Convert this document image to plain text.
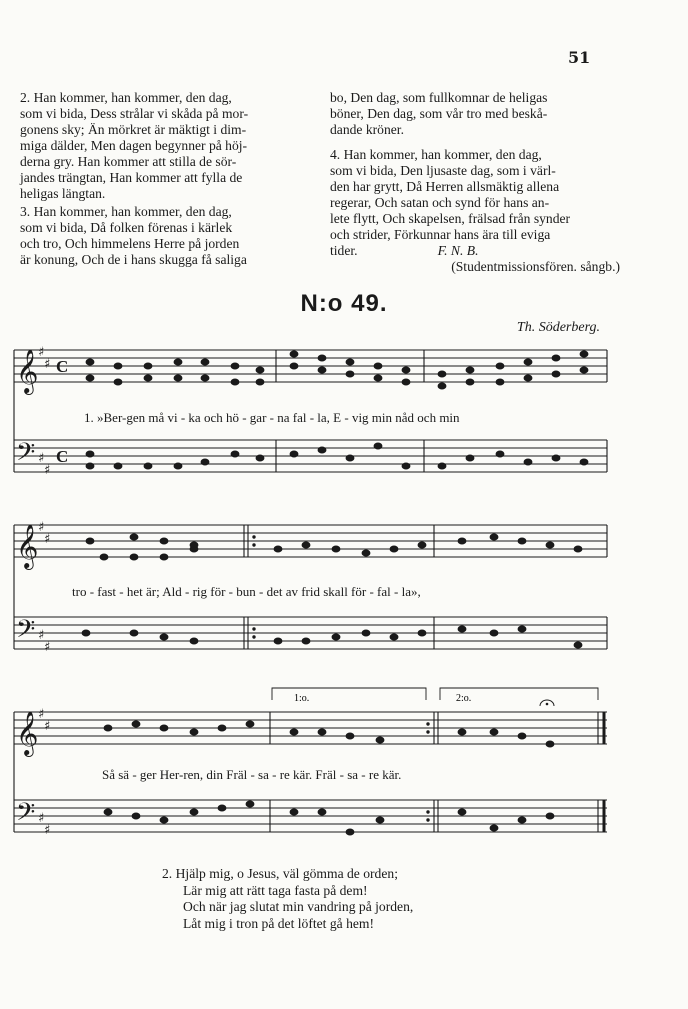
51

2. Han kommer, han kommer, den dag,

som vi bida, Dess strålar vi skåda på mor-

gonens sky; Än mörkret är mäktigt i dim-

miga dälder, Men dagen begynner på höj-

derna gry. Han kommer att stilla de sör-

jandes trängtan, Han kommer att fylla de

heligas längtan.

3. Han kommer, han kommer, den dag,

som vi bida, Då folken förenas i kärlek

och tro, Och himmelens Herre på jorden

är konung, Och de i hans skugga få saliga

bo, Den dag, som fullkomnar de heligas

böner, Den dag, som vår tro med beskå-

dande kröner.

4. Han kommer, han kommer, den dag,

som vi bida, Den ljusaste dag, som i värl-

den har grytt, Då Herren allsmäktig allena

regerar, Och satan och synd för hans an-

lete flytt, Och skapelsen, frälsad från synder

och strider, Förkunnar hans ära till eviga

tider.	F. N. B.

(Studentmissionsfören. sångb.)

N:o 49.
Th. Söderberg.
1:o.	2:o.
𝄞
𝄢
𝄞
𝄢
𝄞
𝄢
♯
♯
♯
♯
♯
♯
♯
♯
♯
♯
♯
♯
C
C
1. »Ber-gen må vi - ka och hö - gar - na fal - la, E - vig min nåd och min
tro - fast - het är; Ald - rig för - bun - det av frid skall för - fal - la»,
Så sä - ger Her-ren, din Fräl - sa - re kär. Fräl - sa - re kär.
2. Hjälp mig, o Jesus, väl gömma de orden;
Lär mig att rätt taga fasta på dem!
Och när jag slutat min vandring på jorden,
Låt mig i tron på det löftet gå hem!
